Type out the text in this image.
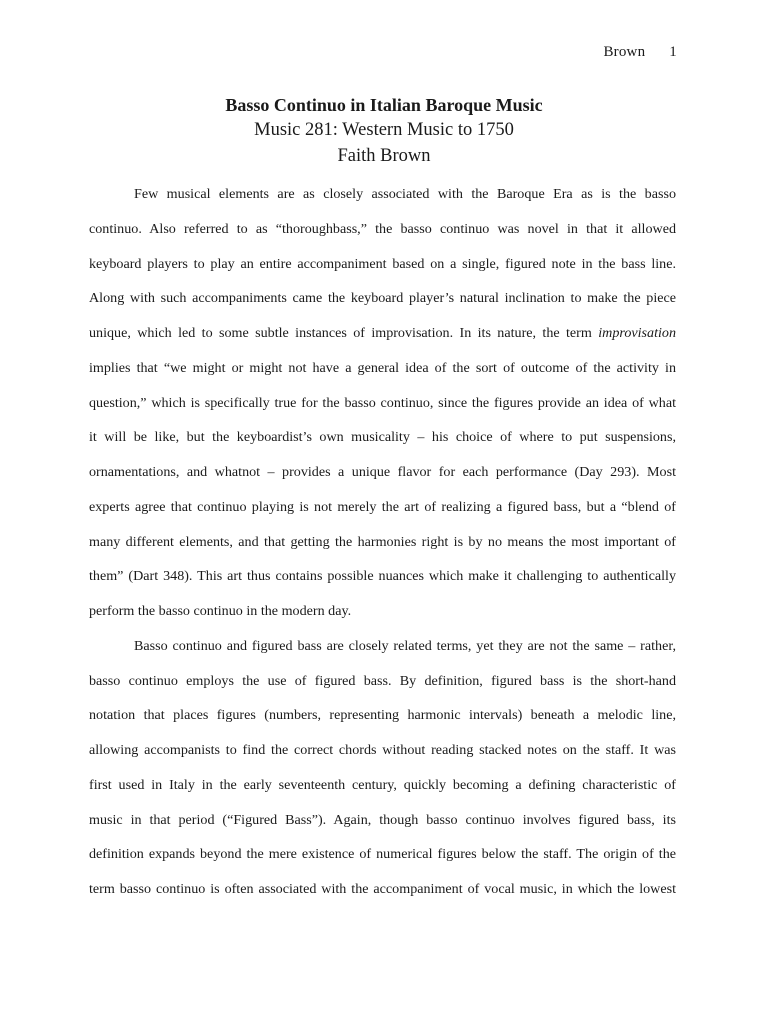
Brown 1
Basso Continuo in Italian Baroque Music
Music 281: Western Music to 1750
Faith Brown
Few musical elements are as closely associated with the Baroque Era as is the basso
continuo. Also referred to as “thoroughbass,” the basso continuo was novel in that it allowed
keyboard players to play an entire accompaniment based on a single, figured note in the bass line.
Along with such accompaniments came the keyboard player’s natural inclination to make the piece
unique, which led to some subtle instances of improvisation. In its nature, the term improvisation
implies that “we might or might not have a general idea of the sort of outcome of the activity in
question,” which is specifically true for the basso continuo, since the figures provide an idea of what
it will be like, but the keyboardist’s own musicality – his choice of where to put suspensions,
ornamentations, and whatnot – provides a unique flavor for each performance (Day 293). Most
experts agree that continuo playing is not merely the art of realizing a figured bass, but a “blend of
many different elements, and that getting the harmonies right is by no means the most important of
them” (Dart 348). This art thus contains possible nuances which make it challenging to authentically
perform the basso continuo in the modern day.
Basso continuo and figured bass are closely related terms, yet they are not the same – rather,
basso continuo employs the use of figured bass. By definition, figured bass is the short-hand
notation that places figures (numbers, representing harmonic intervals) beneath a melodic line,
allowing accompanists to find the correct chords without reading stacked notes on the staff. It was
first used in Italy in the early seventeenth century, quickly becoming a defining characteristic of
music in that period (“Figured Bass”). Again, though basso continuo involves figured bass, its
definition expands beyond the mere existence of numerical figures below the staff. The origin of the
term basso continuo is often associated with the accompaniment of vocal music, in which the lowest
